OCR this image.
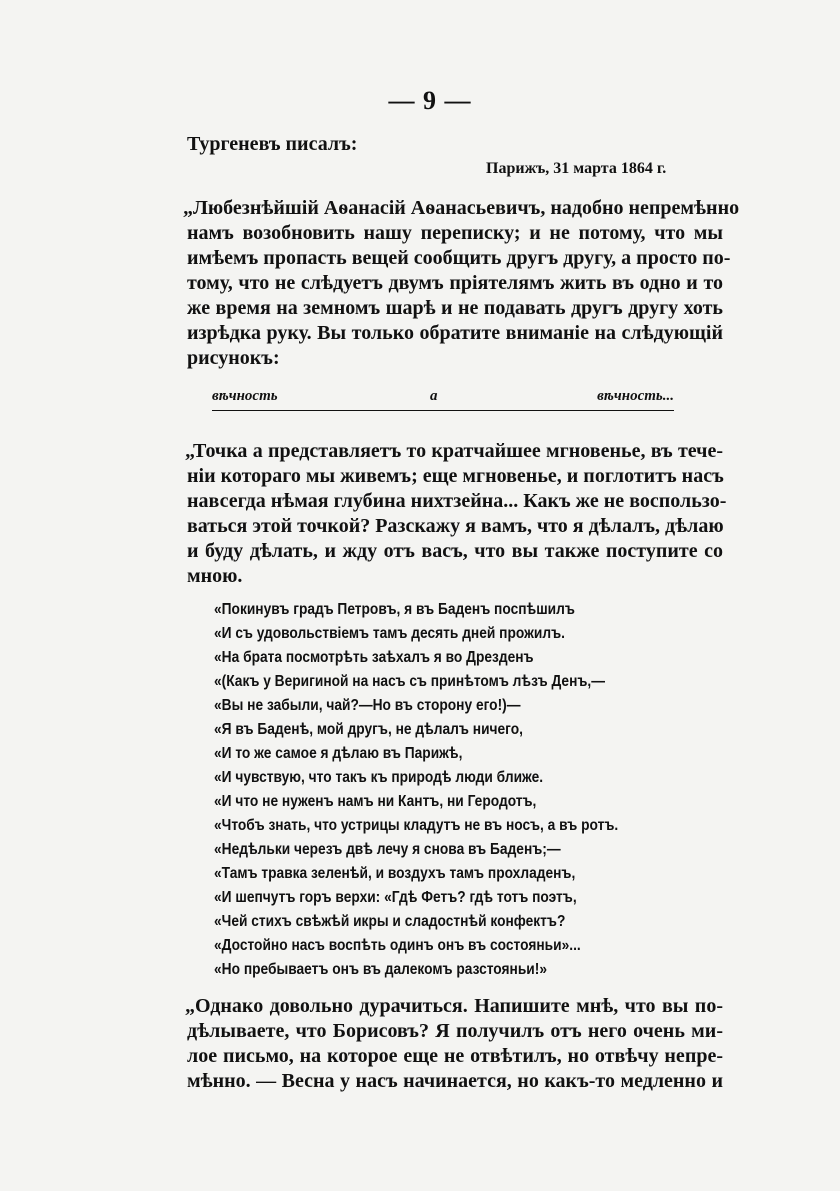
— 9 —
Тургеневъ писалъ:
Парижъ, 31 марта 1864 г.
„Любезнѣйшій Аѳанасій Аѳанасьевичъ, надобно непремѣнно
намъ возобновить нашу переписку; и не потому, что мы
имѣемъ пропасть вещей сообщить другъ другу, а просто по-
тому, что не слѣдуетъ двумъ пріятелямъ жить въ одно и то
же время на земномъ шарѣ и не подавать другъ другу хоть
изрѣдка руку. Вы только обратите вниманіе на слѣдующій
рисунокъ:
вѣчность	a	вѣчность...
„Точка a представляетъ то кратчайшее мгновенье, въ тече-
ніи котораго мы живемъ; еще мгновенье, и поглотитъ насъ
навсегда нѣмая глубина нихтзейна... Какъ же не воспользо-
ваться этой точкой? Разскажу я вамъ, что я дѣлалъ, дѣлаю
и буду дѣлать, и жду отъ васъ, что вы также поступите со
мною.
«Покинувъ градъ Петровъ, я въ Баденъ поспѣшилъ
«И съ удовольствіемъ тамъ десять дней прожилъ.
«На брата посмотрѣть заѣхалъ я во Дрезденъ
«(Какъ у Веригиной на насъ съ принѣтомъ лѣзъ Денъ,—
«Вы не забыли, чай?—Но въ сторону его!)—
«Я въ Баденѣ, мой другъ, не дѣлалъ ничего,
«И то же самое я дѣлаю въ Парижѣ,
«И чувствую, что такъ къ природѣ люди ближе.
«И что не нуженъ намъ ни Кантъ, ни Геродотъ,
«Чтобъ знать, что устрицы кладутъ не въ носъ, а въ ротъ.
«Недѣльки черезъ двѣ лечу я снова въ Баденъ;—
«Тамъ травка зеленѣй, и воздухъ тамъ прохладенъ,
«И шепчутъ горъ верхи: «Гдѣ Фетъ? гдѣ тотъ поэтъ,
«Чей стихъ свѣжѣй икры и сладостнѣй конфектъ?
«Достойно насъ воспѣть одинъ онъ въ состояньи»...
«Но пребываетъ онъ въ далекомъ разстояньи!»
„Однако довольно дурачиться. Напишите мнѣ, что вы по-
дѣлываете, что Борисовъ? Я получилъ отъ него очень ми-
лое письмо, на которое еще не отвѣтилъ, но отвѣчу непре-
мѣнно. — Весна у насъ начинается, но какъ-то медленно и
